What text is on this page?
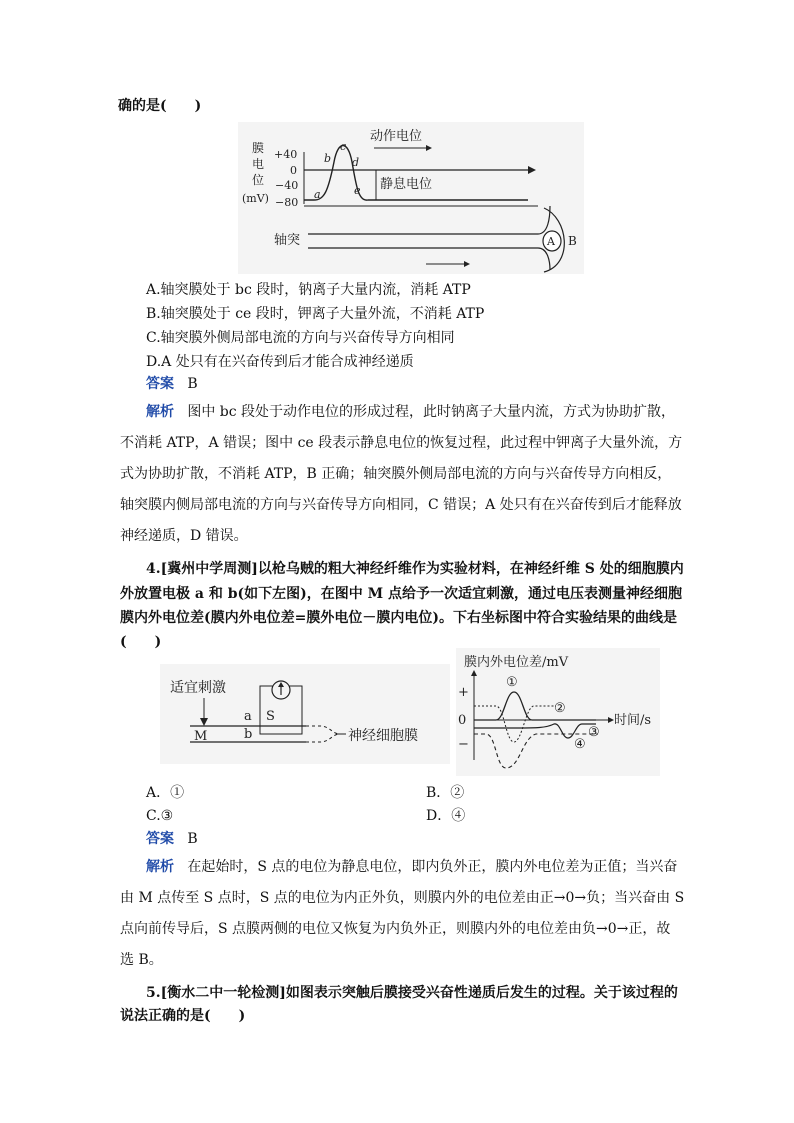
确的是(　　)
膜
电
位
(mV)
+40
0
−40
−80
a
b
c
d
e
动作电位
静息电位
轴突	A B
A.轴突膜处于 bc 段时，钠离子大量内流，消耗 ATP
B.轴突膜处于 ce 段时，钾离子大量外流，不消耗 ATP
C.轴突膜外侧局部电流的方向与兴奋传导方向相同
D.A 处只有在兴奋传到后才能合成神经递质
答案 B
解析 图中 bc 段处于动作电位的形成过程，此时钠离子大量内流，方式为协助扩散，
不消耗 ATP，A 错误；图中 ce 段表示静息电位的恢复过程，此过程中钾离子大量外流，方
式为协助扩散，不消耗 ATP，B 正确；轴突膜外侧局部电流的方向与兴奋传导方向相反，
轴突膜内侧局部电流的方向与兴奋传导方向相同，C 错误；A 处只有在兴奋传到后才能释放
神经递质，D 错误。
4.[冀州中学周测]以枪乌贼的粗大神经纤维作为实验材料，在神经纤维 S 处的细胞膜内
外放置电极 a 和 b(如下左图)，在图中 M 点给予一次适宜刺激，通过电压表测量神经细胞
膜内外电位差(膜内外电位差=膜外电位－膜内电位)。下右坐标图中符合实验结果的曲线是
(　　)
适宜刺激
M
a
b
S
神经细胞膜
膜内外电位差/mV
+
0
−
时间/s
①
②
③
④
A．①	B．②
C.③	D．④
答案 B
解析 在起始时，S 点的电位为静息电位，即内负外正，膜内外电位差为正值；当兴奋
由 M 点传至 S 点时，S 点的电位为内正外负，则膜内外的电位差由正→0→负；当兴奋由 S
点向前传导后，S 点膜两侧的电位又恢复为内负外正，则膜内外的电位差由负→0→正，故
选 B。
5.[衡水二中一轮检测]如图表示突触后膜接受兴奋性递质后发生的过程。关于该过程的
说法正确的是(　　)
